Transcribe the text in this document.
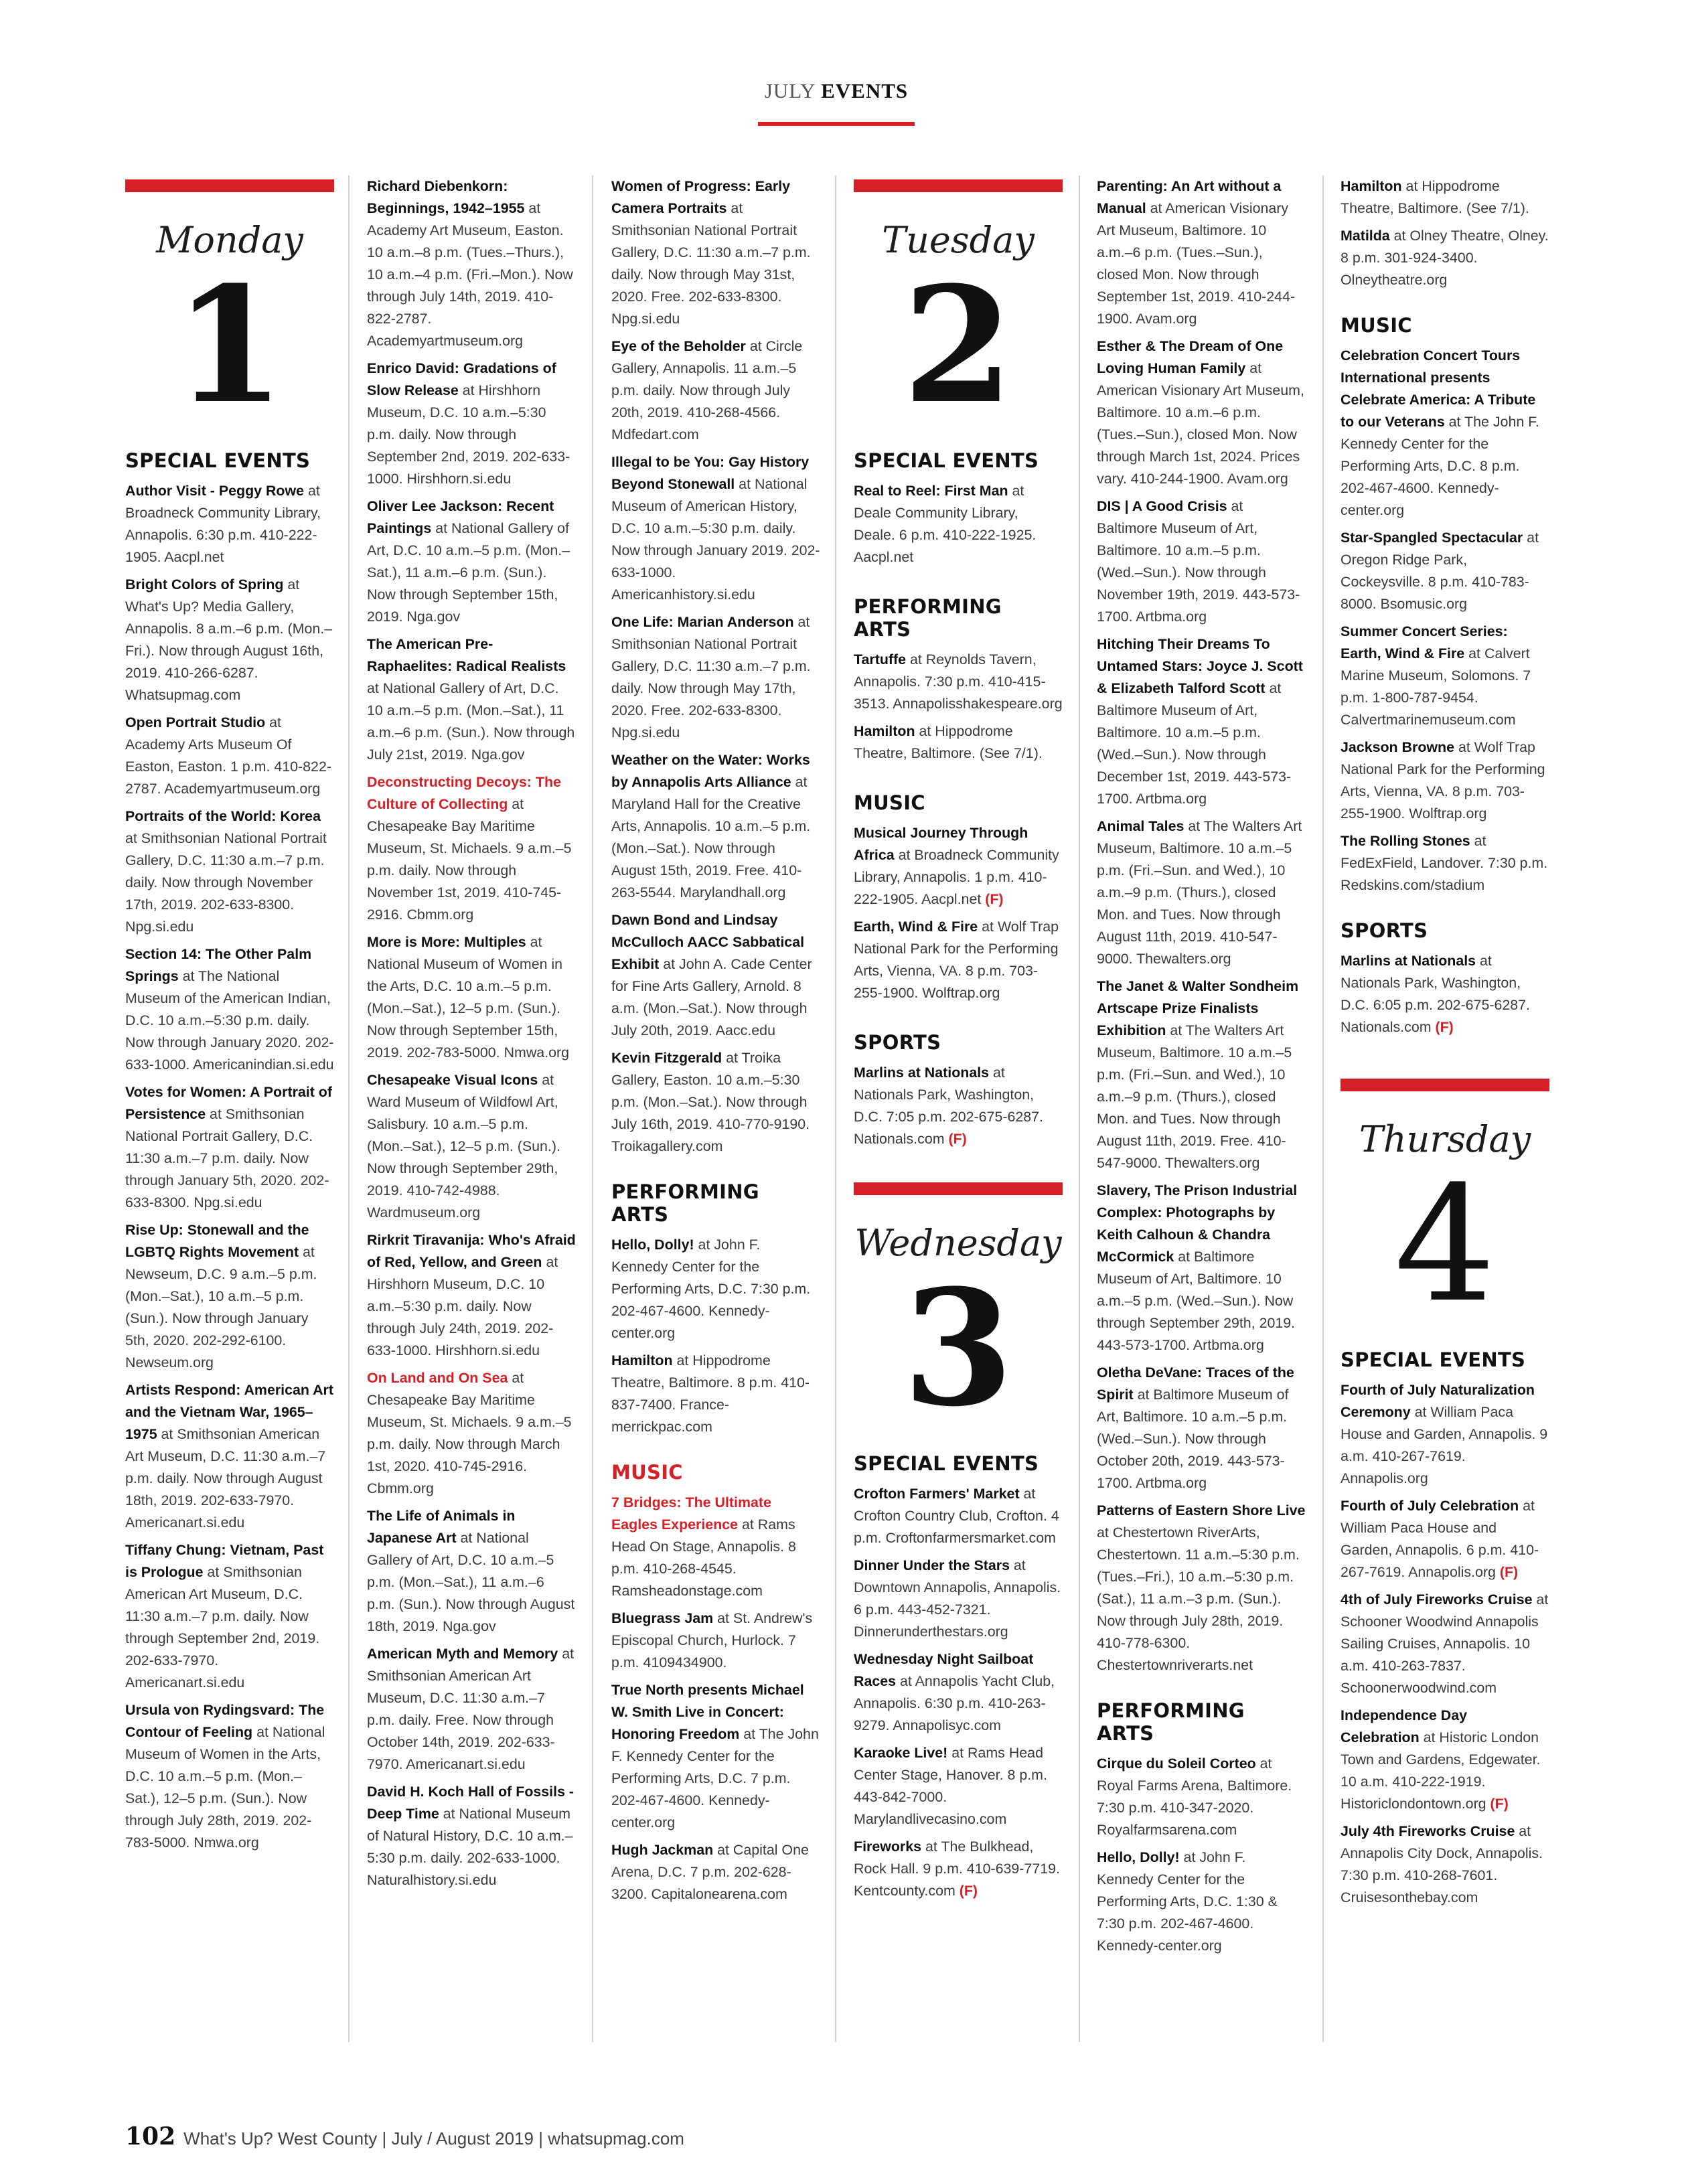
JULY EVENTS
Monday
1
SPECIAL EVENTS
Author Visit - Peggy Rowe at Broadneck Community Library, Annapolis. 6:30 p.m. 410-222-1905. Aacpl.net
Bright Colors of Spring at What's Up? Media Gallery, Annapolis. 8 a.m.–6 p.m. (Mon.–Fri.). Now through August 16th, 2019. 410-266-6287. Whatsupmag.com
Open Portrait Studio at Academy Arts Museum Of Easton, Easton. 1 p.m. 410-822-2787. Academyartmuseum.org
Portraits of the World: Korea at Smithsonian National Portrait Gallery, D.C. 11:30 a.m.–7 p.m. daily. Now through November 17th, 2019. 202-633-8300. Npg.si.edu
Section 14: The Other Palm Springs at The National Museum of the American Indian, D.C. 10 a.m.–5:30 p.m. daily. Now through January 2020. 202-633-1000. Americanindian.si.edu
Votes for Women: A Portrait of Persistence at Smithsonian National Portrait Gallery, D.C. 11:30 a.m.–7 p.m. daily. Now through January 5th, 2020. 202-633-8300. Npg.si.edu
Rise Up: Stonewall and the LGBTQ Rights Movement at Newseum, D.C. 9 a.m.–5 p.m. (Mon.–Sat.), 10 a.m.–5 p.m. (Sun.). Now through January 5th, 2020. 202-292-6100. Newseum.org
Artists Respond: American Art and the Vietnam War, 1965–1975 at Smithsonian American Art Museum, D.C. 11:30 a.m.–7 p.m. daily. Now through August 18th, 2019. 202-633-7970. Americanart.si.edu
Tiffany Chung: Vietnam, Past is Prologue at Smithsonian American Art Museum, D.C. 11:30 a.m.–7 p.m. daily. Now through September 2nd, 2019. 202-633-7970. Americanart.si.edu
Ursula von Rydingsvard: The Contour of Feeling at National Museum of Women in the Arts, D.C. 10 a.m.–5 p.m. (Mon.–Sat.), 12–5 p.m. (Sun.). Now through July 28th, 2019. 202-783-5000. Nmwa.org
Richard Diebenkorn: Beginnings, 1942–1955 at Academy Art Museum, Easton. 10 a.m.–8 p.m. (Tues.–Thurs.), 10 a.m.–4 p.m. (Fri.–Mon.). Now through July 14th, 2019. 410-822-2787. Academyartmuseum.org
Enrico David: Gradations of Slow Release at Hirshhorn Museum, D.C. 10 a.m.–5:30 p.m. daily. Now through September 2nd, 2019. 202-633-1000. Hirshhorn.si.edu
Oliver Lee Jackson: Recent Paintings at National Gallery of Art, D.C. 10 a.m.–5 p.m. (Mon.–Sat.), 11 a.m.–6 p.m. (Sun.). Now through September 15th, 2019. Nga.gov
The American Pre-Raphaelites: Radical Realists at National Gallery of Art, D.C. 10 a.m.–5 p.m. (Mon.–Sat.), 11 a.m.–6 p.m. (Sun.). Now through July 21st, 2019. Nga.gov
Deconstructing Decoys: The Culture of Collecting at Chesapeake Bay Maritime Museum, St. Michaels. 9 a.m.–5 p.m. daily. Now through November 1st, 2019. 410-745-2916. Cbmm.org
More is More: Multiples at National Museum of Women in the Arts, D.C. 10 a.m.–5 p.m. (Mon.–Sat.), 12–5 p.m. (Sun.). Now through September 15th, 2019. 202-783-5000. Nmwa.org
Chesapeake Visual Icons at Ward Museum of Wildfowl Art, Salisbury. 10 a.m.–5 p.m. (Mon.–Sat.), 12–5 p.m. (Sun.). Now through September 29th, 2019. 410-742-4988. Wardmuseum.org
Rirkrit Tiravanija: Who's Afraid of Red, Yellow, and Green at Hirshhorn Museum, D.C. 10 a.m.–5:30 p.m. daily. Now through July 24th, 2019. 202-633-1000. Hirshhorn.si.edu
On Land and On Sea at Chesapeake Bay Maritime Museum, St. Michaels. 9 a.m.–5 p.m. daily. Now through March 1st, 2020. 410-745-2916. Cbmm.org
The Life of Animals in Japanese Art at National Gallery of Art, D.C. 10 a.m.–5 p.m. (Mon.–Sat.), 11 a.m.–6 p.m. (Sun.). Now through August 18th, 2019. Nga.gov
American Myth and Memory at Smithsonian American Art Museum, D.C. 11:30 a.m.–7 p.m. daily. Free. Now through October 14th, 2019. 202-633-7970. Americanart.si.edu
David H. Koch Hall of Fossils - Deep Time at National Museum of Natural History, D.C. 10 a.m.–5:30 p.m. daily. 202-633-1000. Naturalhistory.si.edu
Women of Progress: Early Camera Portraits at Smithsonian National Portrait Gallery, D.C. 11:30 a.m.–7 p.m. daily. Now through May 31st, 2020. Free. 202-633-8300. Npg.si.edu
Eye of the Beholder at Circle Gallery, Annapolis. 11 a.m.–5 p.m. daily. Now through July 20th, 2019. 410-268-4566. Mdfedart.com
Illegal to be You: Gay History Beyond Stonewall at National Museum of American History, D.C. 10 a.m.–5:30 p.m. daily. Now through January 2019. 202-633-1000. Americanhistory.si.edu
One Life: Marian Anderson at Smithsonian National Portrait Gallery, D.C. 11:30 a.m.–7 p.m. daily. Now through May 17th, 2020. Free. 202-633-8300. Npg.si.edu
Weather on the Water: Works by Annapolis Arts Alliance at Maryland Hall for the Creative Arts, Annapolis. 10 a.m.–5 p.m. (Mon.–Sat.). Now through August 15th, 2019. Free. 410-263-5544. Marylandhall.org
Dawn Bond and Lindsay McCulloch AACC Sabbatical Exhibit at John A. Cade Center for Fine Arts Gallery, Arnold. 8 a.m. (Mon.–Sat.). Now through July 20th, 2019. Aacc.edu
Kevin Fitzgerald at Troika Gallery, Easton. 10 a.m.–5:30 p.m. (Mon.–Sat.). Now through July 16th, 2019. 410-770-9190. Troikagallery.com
PERFORMING ARTS
Hello, Dolly! at John F. Kennedy Center for the Performing Arts, D.C. 7:30 p.m. 202-467-4600. Kennedy-center.org
Hamilton at Hippodrome Theatre, Baltimore. 8 p.m. 410-837-7400. France-merrickpac.com
MUSIC
7 Bridges: The Ultimate Eagles Experience at Rams Head On Stage, Annapolis. 8 p.m. 410-268-4545. Ramsheadonstage.com
Bluegrass Jam at St. Andrew's Episcopal Church, Hurlock. 7 p.m. 4109434900.
True North presents Michael W. Smith Live in Concert: Honoring Freedom at The John F. Kennedy Center for the Performing Arts, D.C. 7 p.m. 202-467-4600. Kennedy-center.org
Hugh Jackman at Capital One Arena, D.C. 7 p.m. 202-628-3200. Capitalonearena.com
Tuesday
2
SPECIAL EVENTS
Real to Reel: First Man at Deale Community Library, Deale. 6 p.m. 410-222-1925. Aacpl.net
PERFORMING ARTS
Tartuffe at Reynolds Tavern, Annapolis. 7:30 p.m. 410-415-3513. Annapolisshakespeare.org
Hamilton at Hippodrome Theatre, Baltimore. (See 7/1).
MUSIC
Musical Journey Through Africa at Broadneck Community Library, Annapolis. 1 p.m. 410-222-1905. Aacpl.net (F)
Earth, Wind & Fire at Wolf Trap National Park for the Performing Arts, Vienna, VA. 8 p.m. 703-255-1900. Wolftrap.org
SPORTS
Marlins at Nationals at Nationals Park, Washington, D.C. 7:05 p.m. 202-675-6287. Nationals.com (F)
Wednesday
3
SPECIAL EVENTS
Crofton Farmers' Market at Crofton Country Club, Crofton. 4 p.m. Croftonfarmersmarket.com
Dinner Under the Stars at Downtown Annapolis, Annapolis. 6 p.m. 443-452-7321. Dinnerunderthestars.org
Wednesday Night Sailboat Races at Annapolis Yacht Club, Annapolis. 6:30 p.m. 410-263-9279. Annapolisyc.com
Karaoke Live! at Rams Head Center Stage, Hanover. 8 p.m. 443-842-7000. Marylandlivecasino.com
Fireworks at The Bulkhead, Rock Hall. 9 p.m. 410-639-7719. Kentcounty.com (F)
Parenting: An Art without a Manual at American Visionary Art Museum, Baltimore. 10 a.m.–6 p.m. (Tues.–Sun.), closed Mon. Now through September 1st, 2019. 410-244-1900. Avam.org
Esther & The Dream of One Loving Human Family at American Visionary Art Museum, Baltimore. 10 a.m.–6 p.m. (Tues.–Sun.), closed Mon. Now through March 1st, 2024. Prices vary. 410-244-1900. Avam.org
DIS | A Good Crisis at Baltimore Museum of Art, Baltimore. 10 a.m.–5 p.m. (Wed.–Sun.). Now through November 19th, 2019. 443-573-1700. Artbma.org
Hitching Their Dreams To Untamed Stars: Joyce J. Scott & Elizabeth Talford Scott at Baltimore Museum of Art, Baltimore. 10 a.m.–5 p.m. (Wed.–Sun.). Now through December 1st, 2019. 443-573-1700. Artbma.org
Animal Tales at The Walters Art Museum, Baltimore. 10 a.m.–5 p.m. (Fri.–Sun. and Wed.), 10 a.m.–9 p.m. (Thurs.), closed Mon. and Tues. Now through August 11th, 2019. 410-547-9000. Thewalters.org
The Janet & Walter Sondheim Artscape Prize Finalists Exhibition at The Walters Art Museum, Baltimore. 10 a.m.–5 p.m. (Fri.–Sun. and Wed.), 10 a.m.–9 p.m. (Thurs.), closed Mon. and Tues. Now through August 11th, 2019. Free. 410-547-9000. Thewalters.org
Slavery, The Prison Industrial Complex: Photographs by Keith Calhoun & Chandra McCormick at Baltimore Museum of Art, Baltimore. 10 a.m.–5 p.m. (Wed.–Sun.). Now through September 29th, 2019. 443-573-1700. Artbma.org
Oletha DeVane: Traces of the Spirit at Baltimore Museum of Art, Baltimore. 10 a.m.–5 p.m. (Wed.–Sun.). Now through October 20th, 2019. 443-573-1700. Artbma.org
Patterns of Eastern Shore Live at Chestertown RiverArts, Chestertown. 11 a.m.–5:30 p.m. (Tues.–Fri.), 10 a.m.–5:30 p.m. (Sat.), 11 a.m.–3 p.m. (Sun.). Now through July 28th, 2019. 410-778-6300. Chestertownriverarts.net
PERFORMING ARTS
Cirque du Soleil Corteo at Royal Farms Arena, Baltimore. 7:30 p.m. 410-347-2020. Royalfarmsarena.com
Hello, Dolly! at John F. Kennedy Center for the Performing Arts, D.C. 1:30 & 7:30 p.m. 202-467-4600. Kennedy-center.org
Hamilton at Hippodrome Theatre, Baltimore. (See 7/1).
Matilda at Olney Theatre, Olney. 8 p.m. 301-924-3400. Olneytheatre.org
MUSIC
Celebration Concert Tours International presents Celebrate America: A Tribute to our Veterans at The John F. Kennedy Center for the Performing Arts, D.C. 8 p.m. 202-467-4600. Kennedy-center.org
Star-Spangled Spectacular at Oregon Ridge Park, Cockeysville. 8 p.m. 410-783-8000. Bsomusic.org
Summer Concert Series: Earth, Wind & Fire at Calvert Marine Museum, Solomons. 7 p.m. 1-800-787-9454. Calvertmarinemuseum.com
Jackson Browne at Wolf Trap National Park for the Performing Arts, Vienna, VA. 8 p.m. 703-255-1900. Wolftrap.org
The Rolling Stones at FedExField, Landover. 7:30 p.m. Redskins.com/stadium
SPORTS
Marlins at Nationals at Nationals Park, Washington, D.C. 6:05 p.m. 202-675-6287. Nationals.com (F)
Thursday
4
SPECIAL EVENTS
Fourth of July Naturalization Ceremony at William Paca House and Garden, Annapolis. 9 a.m. 410-267-7619. Annapolis.org
Fourth of July Celebration at William Paca House and Garden, Annapolis. 6 p.m. 410-267-7619. Annapolis.org (F)
4th of July Fireworks Cruise at Schooner Woodwind Annapolis Sailing Cruises, Annapolis. 10 a.m. 410-263-7837. Schoonerwoodwind.com
Independence Day Celebration at Historic London Town and Gardens, Edgewater. 10 a.m. 410-222-1919. Historiclondontown.org (F)
July 4th Fireworks Cruise at Annapolis City Dock, Annapolis. 7:30 p.m. 410-268-7601. Cruisesonthebay.com
102 What's Up? West County | July / August 2019 | whatsupmag.com
